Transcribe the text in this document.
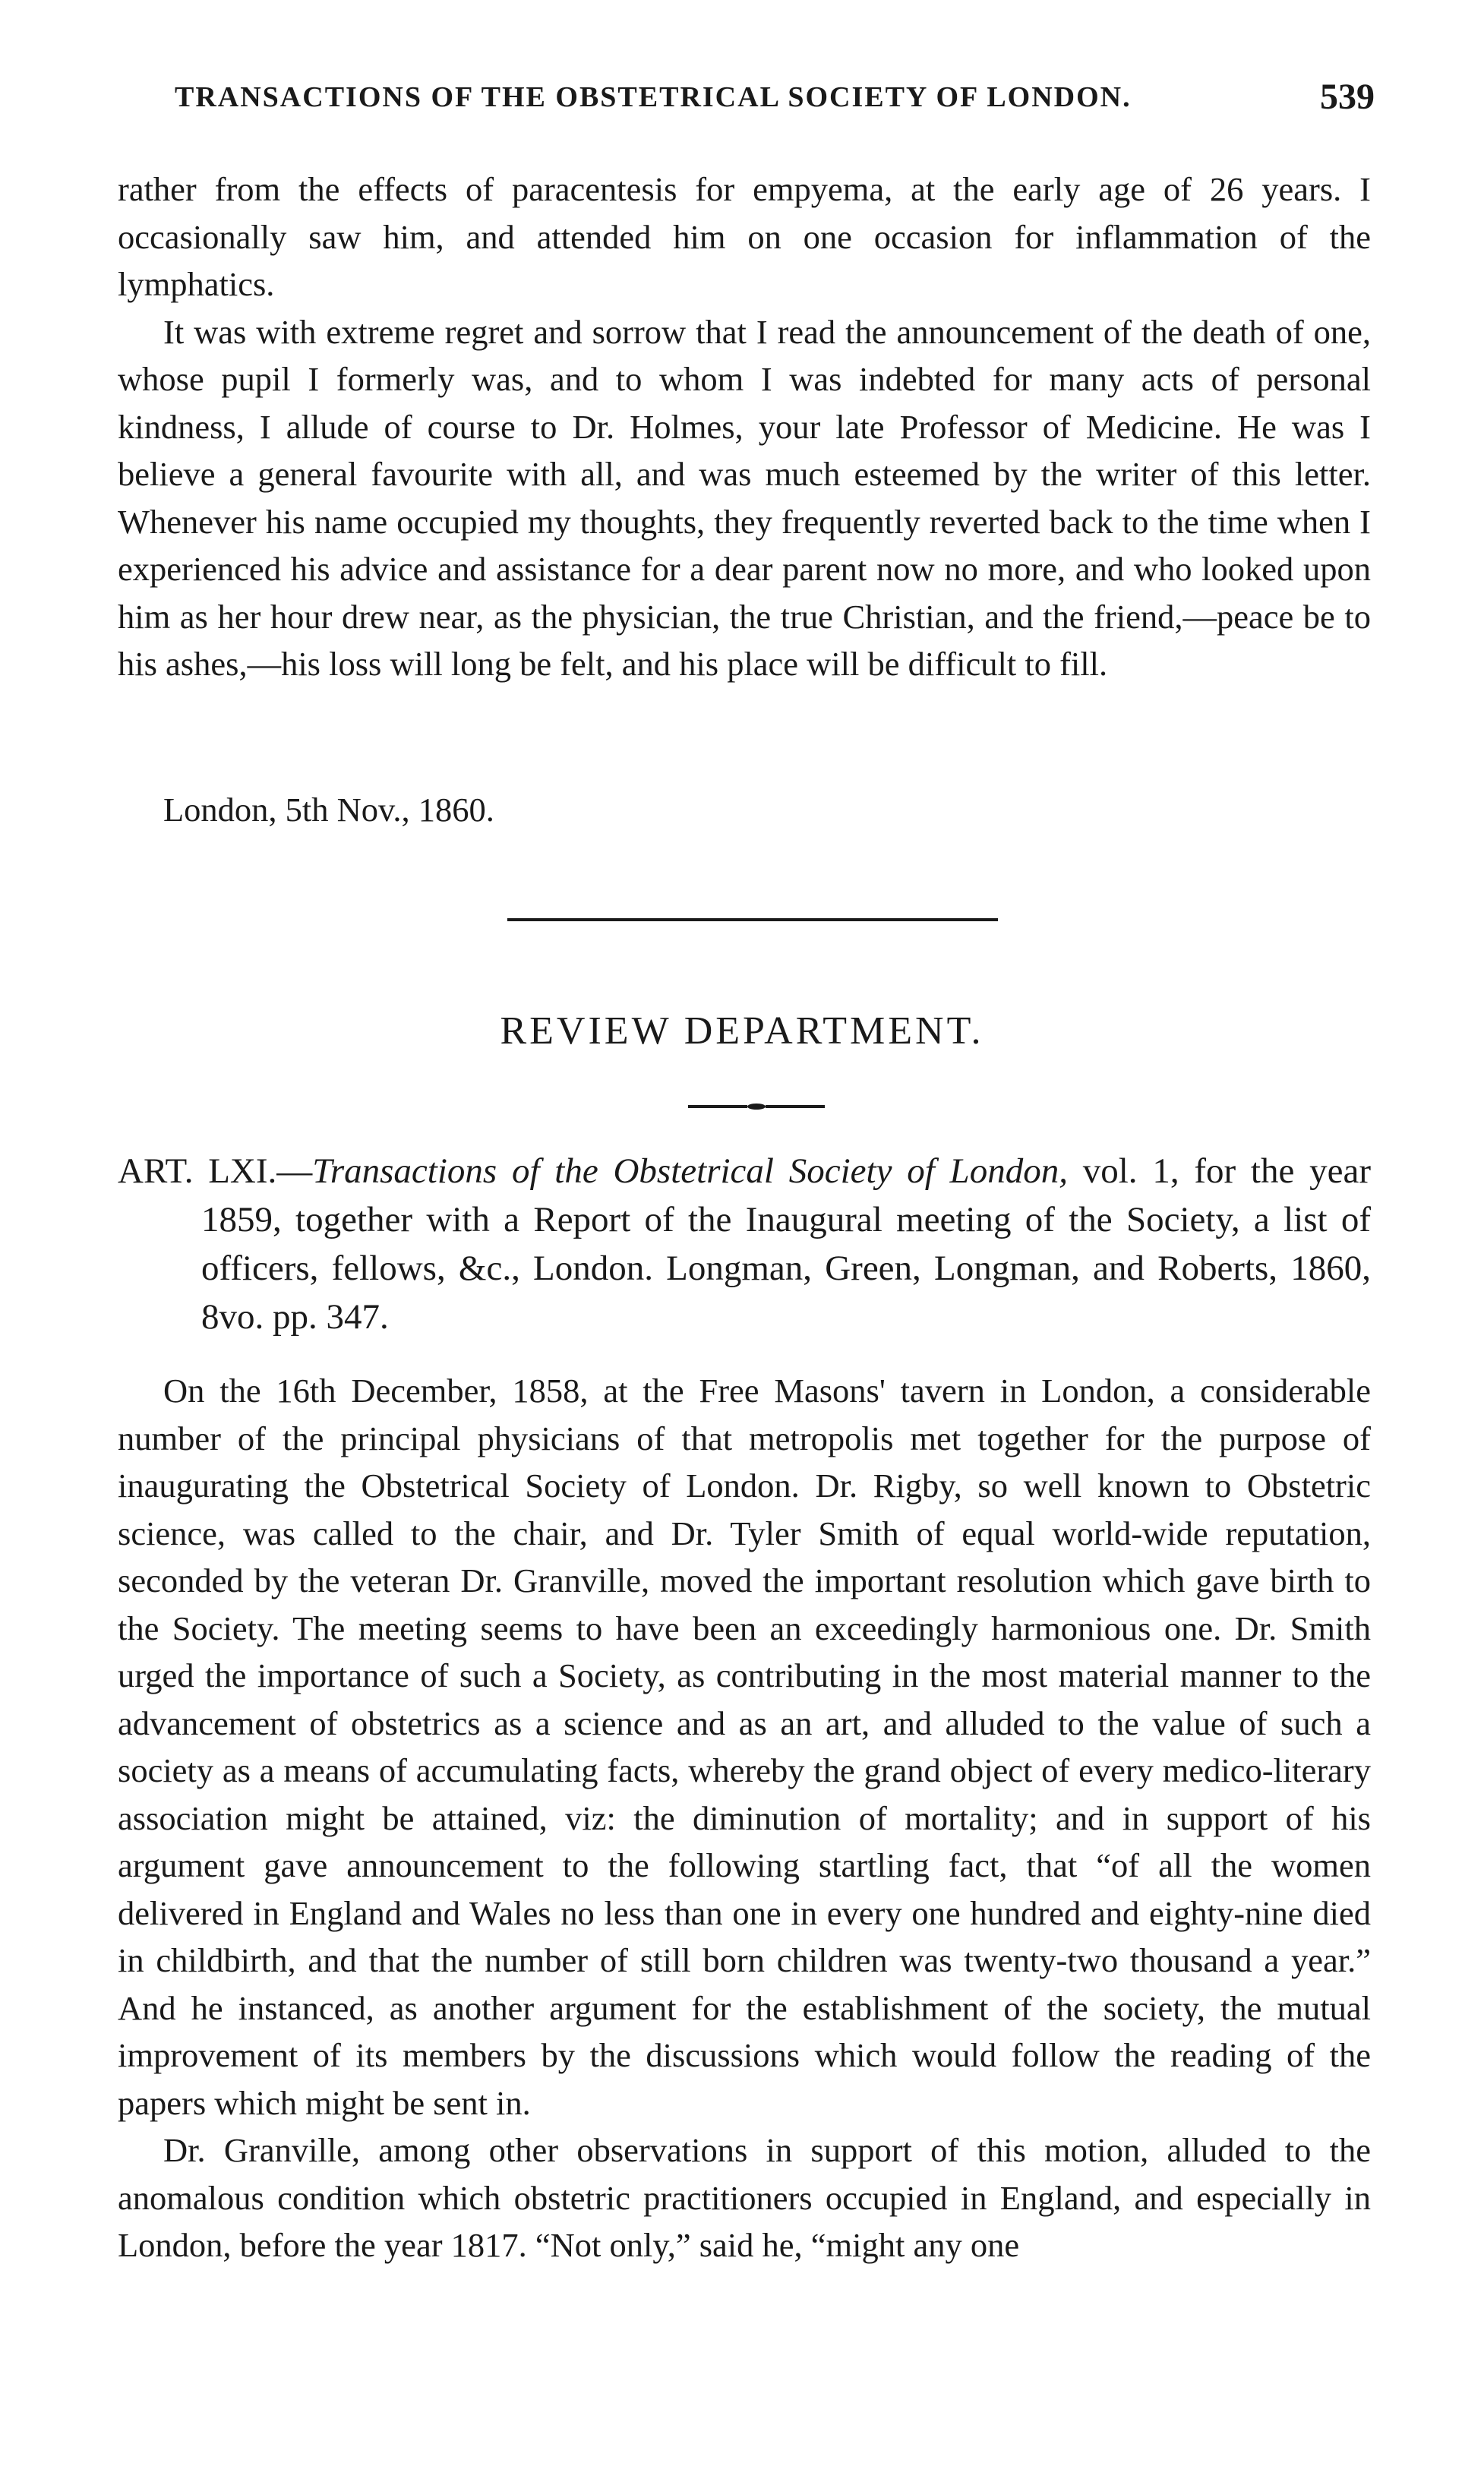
TRANSACTIONS OF THE OBSTETRICAL SOCIETY OF LONDON.	539

rather from the effects of paracentesis for empyema, at the early age of 26 years. I occasionally saw him, and attended him on one occasion for inflammation of the lymphatics.

It was with extreme regret and sorrow that I read the announcement of the death of one, whose pupil I formerly was, and to whom I was indebted for many acts of personal kindness, I allude of course to Dr. Holmes, your late Professor of Medicine. He was I believe a general favourite with all, and was much esteemed by the writer of this letter. Whenever his name occupied my thoughts, they frequently reverted back to the time when I experienced his advice and assistance for a dear parent now no more, and who looked upon him as her hour drew near, as the physician, the true Christian, and the friend,—peace be to his ashes,—his loss will long be felt, and his place will be difficult to fill.

London, 5th Nov., 1860.
REVIEW DEPARTMENT.

ART. LXI.—Transactions of the Obstetrical Society of London, vol. 1, for the year 1859, together with a Report of the Inaugural meeting of the Society, a list of officers, fellows, &c., London. Longman, Green, Longman, and Roberts, 1860, 8vo. pp. 347.

On the 16th December, 1858, at the Free Masons' tavern in London, a considerable number of the principal physicians of that metropolis met together for the purpose of inaugurating the Obstetrical Society of London. Dr. Rigby, so well known to Obstetric science, was called to the chair, and Dr. Tyler Smith of equal world-wide reputation, seconded by the veteran Dr. Granville, moved the important resolution which gave birth to the Society. The meeting seems to have been an exceedingly harmonious one. Dr. Smith urged the importance of such a Society, as contributing in the most material manner to the advancement of obstetrics as a science and as an art, and alluded to the value of such a society as a means of accumulating facts, whereby the grand object of every medico-literary association might be attained, viz: the diminution of mortality; and in support of his argument gave announcement to the following startling fact, that “of all the women delivered in England and Wales no less than one in every one hundred and eighty-nine died in childbirth, and that the number of still born children was twenty-two thousand a year.” And he instanced, as another argument for the establishment of the society, the mutual improvement of its members by the discussions which would follow the reading of the papers which might be sent in.

Dr. Granville, among other observations in support of this motion, alluded to the anomalous condition which obstetric practitioners occupied in England, and especially in London, before the year 1817. “Not only,” said he, “might any one
